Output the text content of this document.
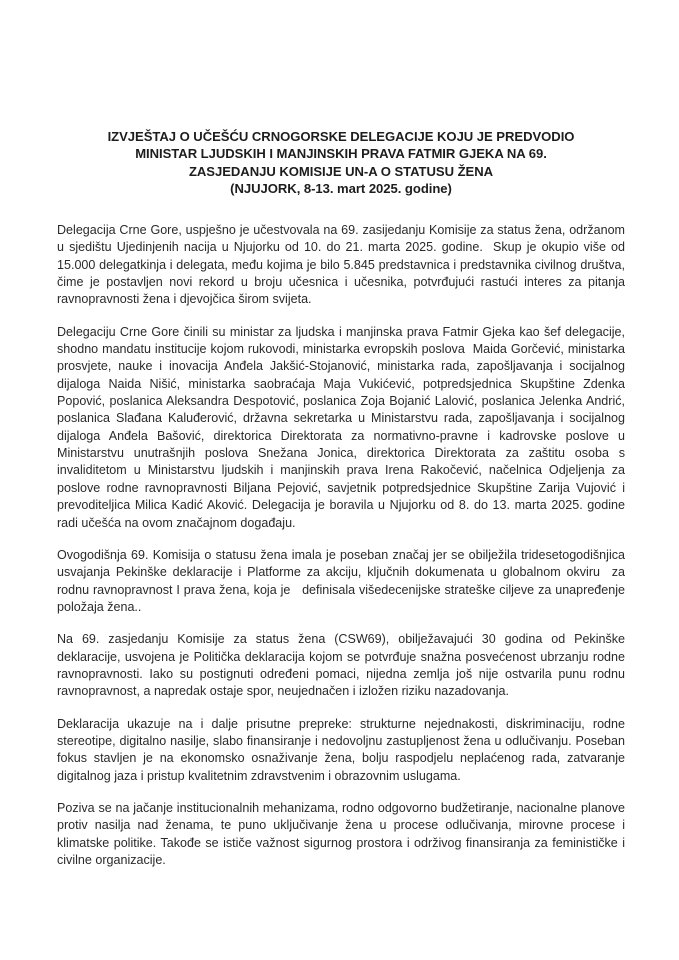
IZVJEŠTAJ O UČEŠĆU CRNOGORSKE DELEGACIJE KOJU JE PREDVODIO
MINISTAR LJUDSKIH I MANJINSKIH PRAVA FATMIR GJEKA NA 69.
ZASJEDANJU KOMISIJE UN-A O STATUSU ŽENA
(NJUJORK, 8-13. mart 2025. godine)

Delegacija Crne Gore, uspješno je učestvovala na 69. zasijedanju Komisije za status žena, održanom u sjedištu Ujedinjenih nacija u Njujorku od 10. do 21. marta 2025. godine.  Skup je okupio više od 15.000 delegatkinja i delegata, među kojima je bilo 5.845 predstavnica i predstavnika civilnog društva, čime je postavljen novi rekord u broju učesnica i učesnika, potvrđujući rastući interes za pitanja ravnopravnosti žena i djevojčica širom svijeta.

Delegaciju Crne Gore činili su ministar za ljudska i manjinska prava Fatmir Gjeka kao šef delegacije, shodno mandatu institucije kojom rukovodi, ministarka evropskih poslova  Maida Gorčević, ministarka prosvjete, nauke i inovacija Anđela Jakšić-Stojanović, ministarka rada, zapošljavanja i socijalnog dijaloga Naida Nišić, ministarka saobraćaja Maja Vukićević, potpredsjednica Skupštine Zdenka Popović, poslanica Aleksandra Despotović, poslanica Zoja Bojanić Lalović, poslanica Jelenka Andrić, poslanica Slađana Kaluđerović, državna sekretarka u Ministarstvu rada, zapošljavanja i socijalnog dijaloga Anđela Bašović, direktorica Direktorata za normativno-pravne i kadrovske poslove u Ministarstvu unutrašnjih poslova Snežana Jonica, direktorica Direktorata za zaštitu osoba s invaliditetom u Ministarstvu ljudskih i manjinskih prava Irena Rakočević, načelnica Odjeljenja za poslove rodne ravnopravnosti Biljana Pejović, savjetnik potpredsjednice Skupštine Zarija Vujović i prevoditeljica Milica Kadić Aković. Delegacija je boravila u Njujorku od 8. do 13. marta 2025. godine radi učešća na ovom značajnom događaju.

Ovogodišnja 69. Komisija o statusu žena imala je poseban značaj jer se obilježila tridesetogodišnjica usvajanja Pekinške deklaracije i Platforme za akciju, ključnih dokumenata u globalnom okviru  za rodnu ravnopravnost I prava žena, koja je   definisala višedecenijske strateške ciljeve za unapređenje položaja žena..

Na 69. zasjedanju Komisije za status žena (CSW69), obilježavajući 30 godina od Pekinške deklaracije, usvojena je Politička deklaracija kojom se potvrđuje snažna posvećenost ubrzanju rodne ravnopravnosti. Iako su postignuti određeni pomaci, nijedna zemlja još nije ostvarila punu rodnu ravnopravnost, a napredak ostaje spor, neujednačen i izložen riziku nazadovanja.

Deklaracija ukazuje na i dalje prisutne prepreke: strukturne nejednakosti, diskriminaciju, rodne stereotipe, digitalno nasilje, slabo finansiranje i nedovoljnu zastupljenost žena u odlučivanju. Poseban fokus stavljen je na ekonomsko osnaživanje žena, bolju raspodjelu neplaćenog rada, zatvaranje digitalnog jaza i pristup kvalitetnim zdravstvenim i obrazovnim uslugama.

Poziva se na jačanje institucionalnih mehanizama, rodno odgovorno budžetiranje, nacionalne planove protiv nasilja nad ženama, te puno uključivanje žena u procese odlučivanja, mirovne procese i klimatske politike. Takođe se ističe važnost sigurnog prostora i održivog finansiranja za feminističke i civilne organizacije.
